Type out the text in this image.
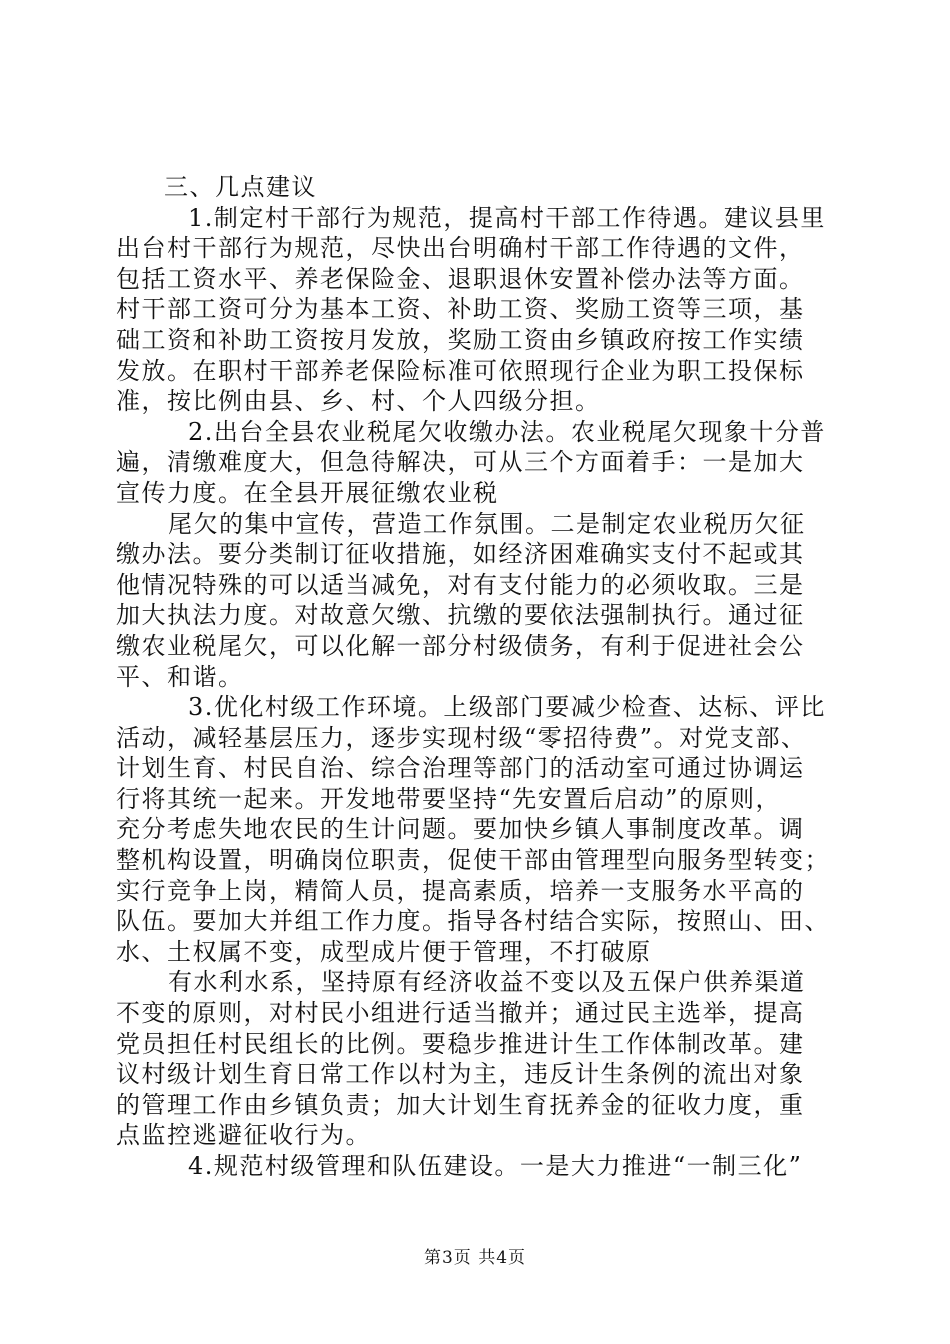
三、几点建议
1.制定村干部行为规范，提高村干部工作待遇。建议县里
出台村干部行为规范，尽快出台明确村干部工作待遇的文件，
包括工资水平、养老保险金、退职退休安置补偿办法等方面。
村干部工资可分为基本工资、补助工资、奖励工资等三项，基
础工资和补助工资按月发放，奖励工资由乡镇政府按工作实绩
发放。在职村干部养老保险标准可依照现行企业为职工投保标
准，按比例由县、乡、村、个人四级分担。
2.出台全县农业税尾欠收缴办法。农业税尾欠现象十分普
遍，清缴难度大，但急待解决，可从三个方面着手：一是加大
宣传力度。在全县开展征缴农业税
尾欠的集中宣传，营造工作氛围。二是制定农业税历欠征
缴办法。要分类制订征收措施，如经济困难确实支付不起或其
他情况特殊的可以适当减免，对有支付能力的必须收取。三是
加大执法力度。对故意欠缴、抗缴的要依法强制执行。通过征
缴农业税尾欠，可以化解一部分村级债务，有利于促进社会公
平、和谐。
3.优化村级工作环境。上级部门要减少检查、达标、评比
活动，减轻基层压力，逐步实现村级“零招待费”。对党支部、
计划生育、村民自治、综合治理等部门的活动室可通过协调运
行将其统一起来。开发地带要坚持“先安置后启动”的原则，
充分考虑失地农民的生计问题。要加快乡镇人事制度改革。调
整机构设置，明确岗位职责，促使干部由管理型向服务型转变；
实行竞争上岗，精简人员，提高素质，培养一支服务水平高的
队伍。要加大并组工作力度。指导各村结合实际，按照山、田、
水、土权属不变，成型成片便于管理，不打破原
有水利水系，坚持原有经济收益不变以及五保户供养渠道
不变的原则，对村民小组进行适当撤并；通过民主选举，提高
党员担任村民组长的比例。要稳步推进计生工作体制改革。建
议村级计划生育日常工作以村为主，违反计生条例的流出对象
的管理工作由乡镇负责；加大计划生育抚养金的征收力度，重
点监控逃避征收行为。
4.规范村级管理和队伍建设。一是大力推进“一制三化”
第3页 共4页
